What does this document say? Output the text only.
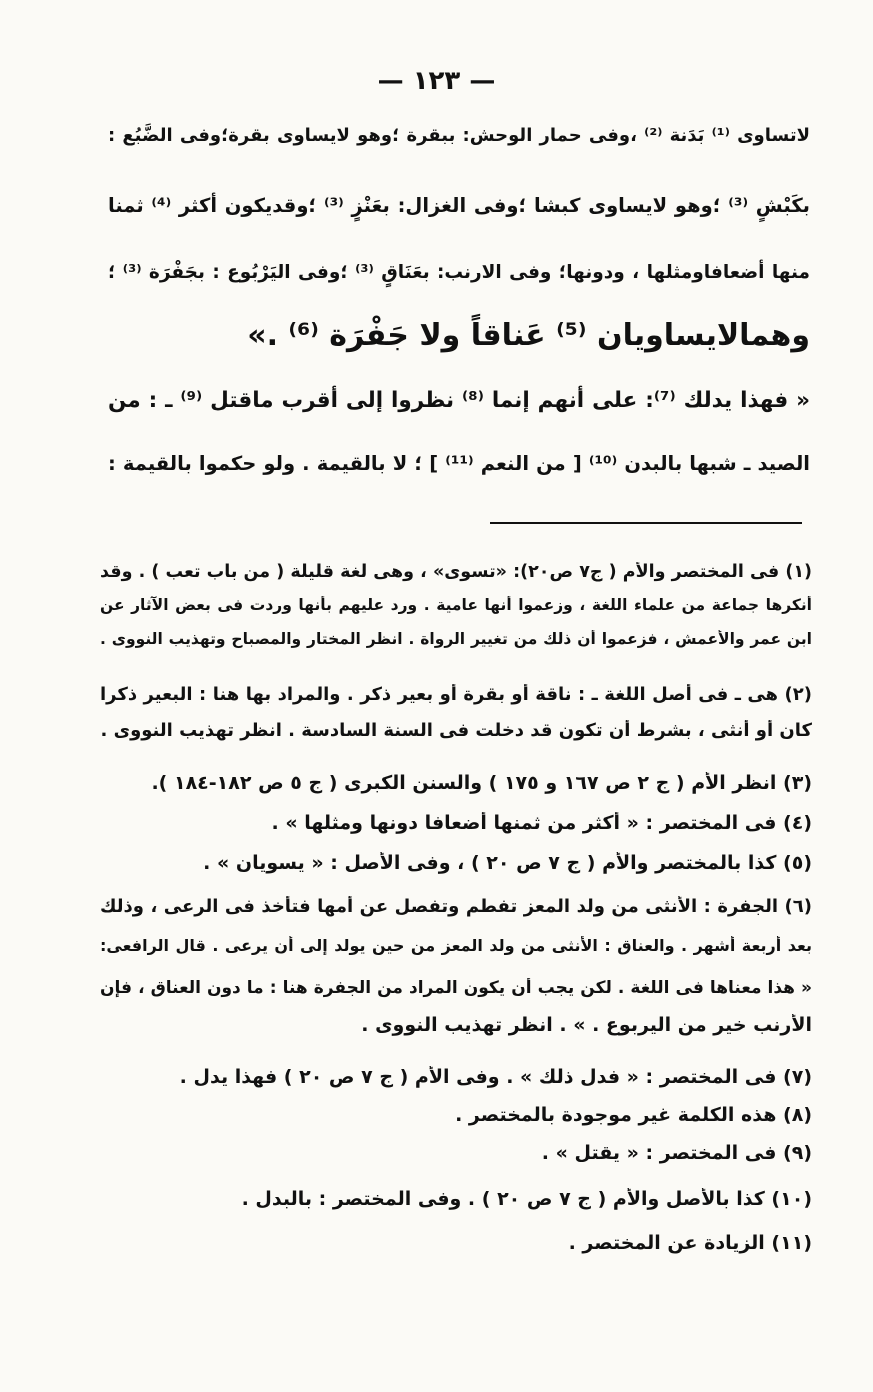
— ١٢٣ —
لاتساوى ⁽¹⁾ بَدَنة ⁽²⁾ ،وفى حمار الوحش: ببقرة ؛وهو لايساوى بقرة؛وفى الضَّبُع :
بكَبْشٍ ⁽³⁾ ؛وهو لايساوى كبشا ؛وفى الغزال: بعَنْزٍ ⁽³⁾ ؛وقديكون أكثر ⁽⁴⁾ ثمنا
منها أضعافاومثلها ، ودونها؛ وفى الارنب: بعَنَاقٍ ⁽³⁾ ؛وفى اليَرْبُوع : بجَفْرَة ⁽³⁾ ؛
وهمالايساويان ⁽⁵⁾ عَناقاً ولا جَفْرَة ⁽⁶⁾ .»
« فهذا يدلك ⁽⁷⁾: على أنهم إنما ⁽⁸⁾ نظروا إلى أقرب ماقتل ⁽⁹⁾ ـ : من
الصيد ـ شبها بالبدن ⁽¹⁰⁾ [ من النعم ⁽¹¹⁾ ] ؛ لا بالقيمة . ولو حكموا بالقيمة :
(١) فى المختصر والأم ( ج٧ ص٢٠): «تسوى» ، وهى لغة قليلة ( من باب تعب ) . وقد
أنكرها جماعة من علماء اللغة ، وزعموا أنها عامية . ورد عليهم بأنها وردت فى بعض الآثار عن
ابن عمر والأعمش ، فزعموا أن ذلك من تغيير الرواة . انظر المختار والمصباح وتهذيب النووى .
(٢) هى ـ فى أصل اللغة ـ : ناقة أو بقرة أو بعير ذكر . والمراد بها هنا : البعير ذكرا
كان أو أنثى ، بشرط أن تكون قد دخلت فى السنة السادسة . انظر تهذيب النووى .
(٣) انظر الأم ( ج ٢ ص ١٦٧ و ١٧٥ ) والسنن الكبرى ( ج ٥ ص ١٨٢-١٨٤ ).
(٤) فى المختصر : « أكثر من ثمنها أضعافا دونها ومثلها » .
(٥) كذا بالمختصر والأم ( ج ٧ ص ٢٠ ) ، وفى الأصل : « يسويان » .
(٦) الجفرة : الأنثى من ولد المعز تفطم وتفصل عن أمها فتأخذ فى الرعى ، وذلك
بعد أربعة أشهر . والعناق : الأنثى من ولد المعز من حين يولد إلى أن يرعى . قال الرافعى:
« هذا معناها فى اللغة . لكن يجب أن يكون المراد من الجفرة هنا : ما دون العناق ، فإن
الأرنب خير من اليربوع . » . انظر تهذيب النووى .
(٧) فى المختصر : « فدل ذلك » . وفى الأم ( ج ٧ ص ٢٠ ) فهذا يدل .
(٨) هذه الكلمة غير موجودة بالمختصر .
(٩) فى المختصر : « يقتل » .
(١٠) كذا بالأصل والأم ( ج ٧ ص ٢٠ ) . وفى المختصر : بالبدل .
(١١) الزيادة عن المختصر .
